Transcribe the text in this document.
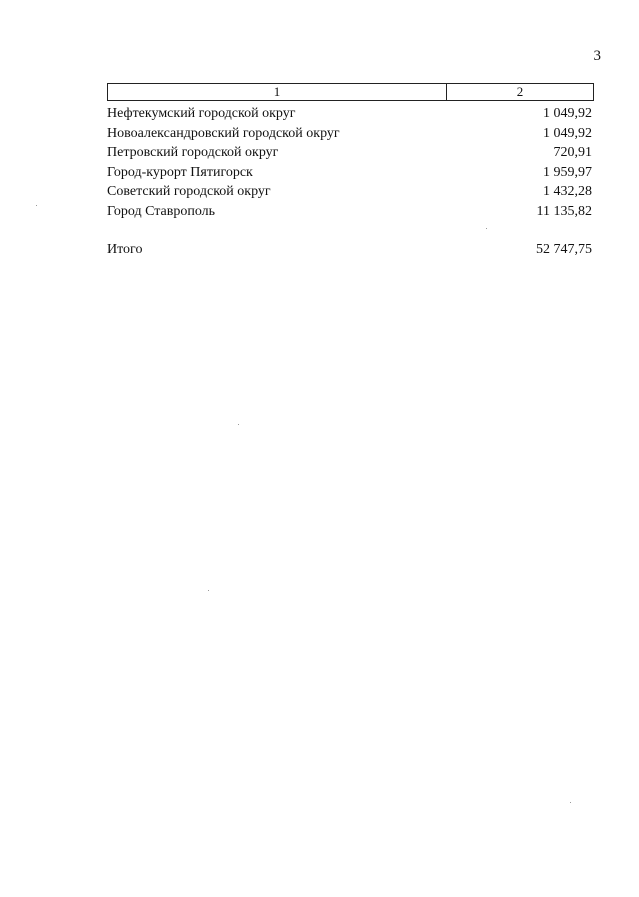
3
1	2
Нефтекумский городской округ	1 049,92
Новоалександровский городской округ	1 049,92
Петровский городской округ	720,91
Город-курорт Пятигорск	1 959,97
Советский городской округ	1 432,28
Город Ставрополь	11 135,82
Итого	52 747,75
